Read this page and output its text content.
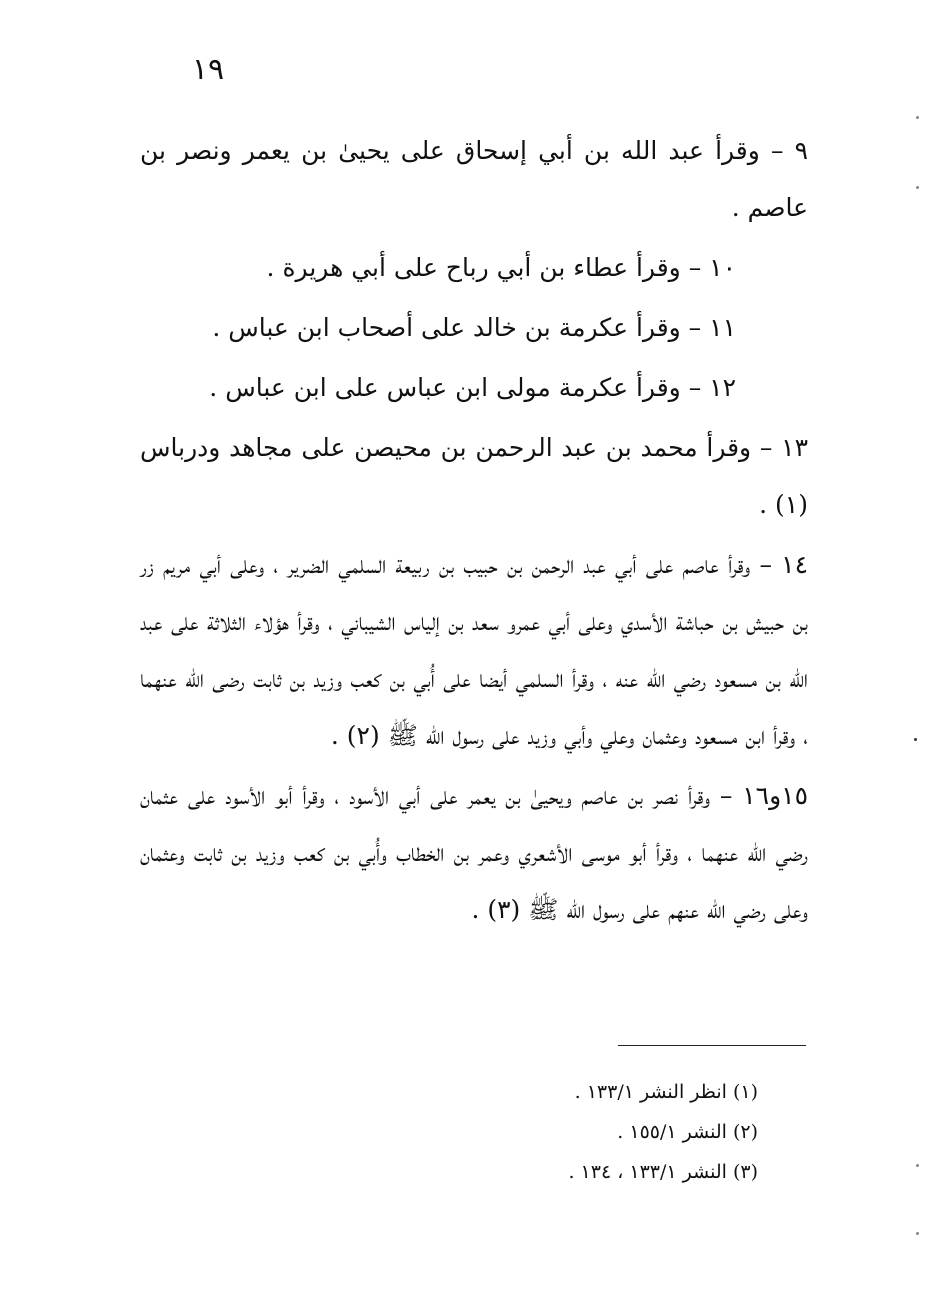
١٩

٩ – وقرأ عبد الله بن أبي إسحاق على يحيىٰ بن يعمر ونصر بن عاصم .

١٠ – وقرأ عطاء بن أبي رباح على أبي هريرة .

١١ – وقرأ عكرمة بن خالد على أصحاب ابن عباس .

١٢ – وقرأ عكرمة مولى ابن عباس على ابن عباس .

١٣ – وقرأ محمد بن عبد الرحمن بن محيصن على مجاهد ودرباس (١) .

١٤ – وقرأ عاصم على أبي عبد الرحمن بن حبيب بن ربيعة السلمي الضرير ، وعلى أبي مريم زر بن حبيش بن حباشة الأسدي وعلى أبي عمرو سعد بن إلياس الشيباني ، وقرأ هؤلاء الثلاثة على عبد الله بن مسعود رضي الله عنه ، وقرأ السلمي أيضا على أُبي بن كعب وزيد بن ثابت رضى الله عنهما ، وقرأ ابن مسعود وعثمان وعلي وأبي وزيد على رسول الله ﷺ (٢) .

١٥و١٦ – وقرأ نصر بن عاصم ويحيىٰ بن يعمر على أبي الأسود ، وقرأ أبو الأسود على عثمان رضي الله عنهما ، وقرأ أبو موسى الأشعري وعمر بن الخطاب وأُبي بن كعب وزيد بن ثابت وعثمان وعلى رضي الله عنهم على رسول الله ﷺ (٣) .

(١) انظر النشر ١٣٣/١ .

(٢) النشر ١٥٥/١ .

(٣) النشر ١٣٣/١ ، ١٣٤ .
